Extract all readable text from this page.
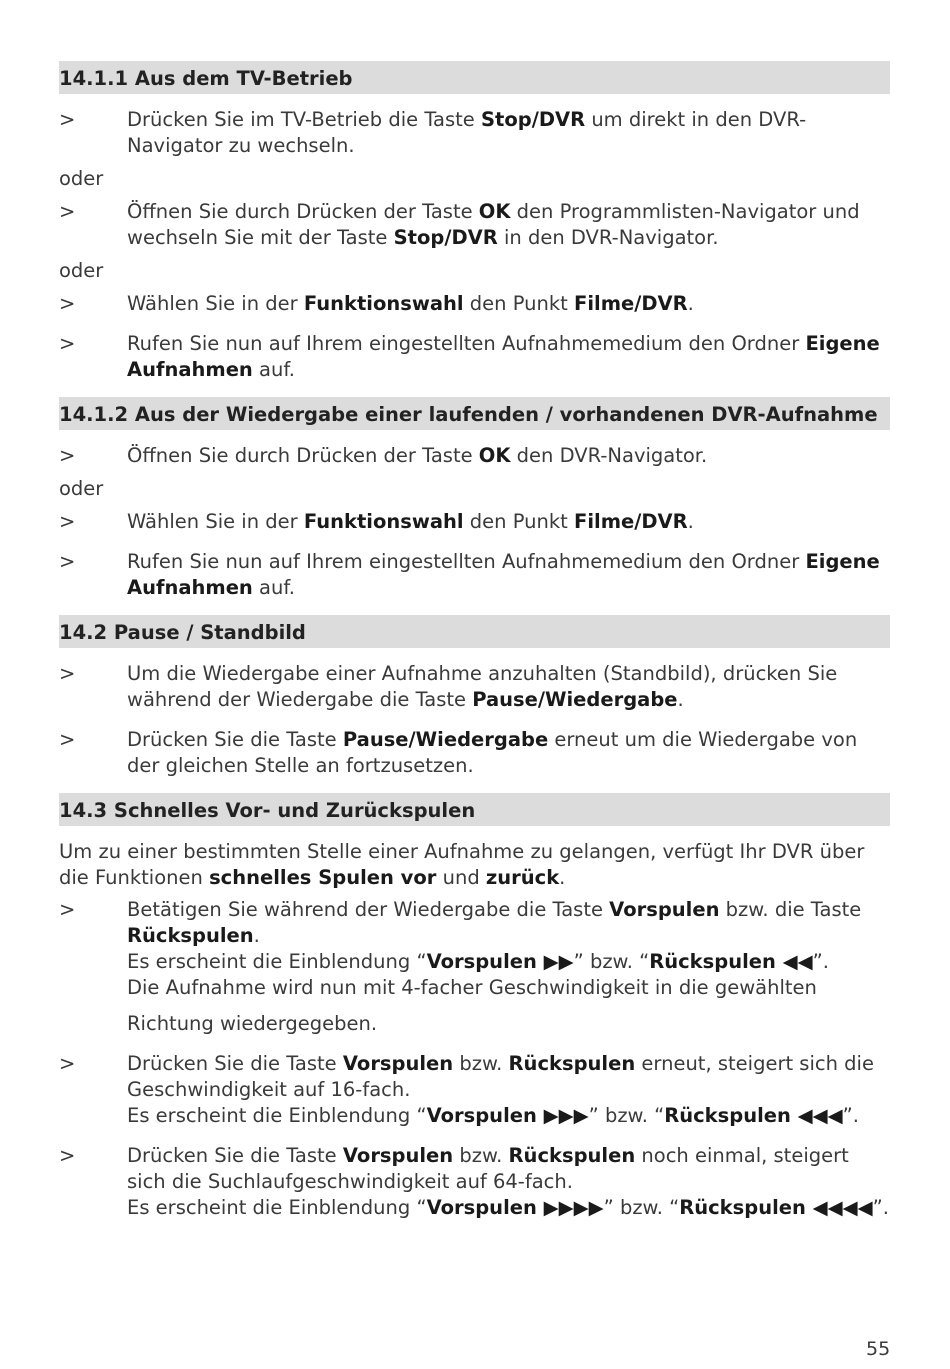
14.1.1 Aus dem TV-Betrieb
>	Drücken Sie im TV-Betrieb die Taste Stop/DVR um direkt in den DVR-Navigator zu wechseln.
oder
>	Öffnen Sie durch Drücken der Taste OK den Programmlisten-Navigator und wechseln Sie mit der Taste Stop/DVR in den DVR-Navigator.
oder
>	Wählen Sie in der Funktionswahl den Punkt Filme/DVR.
>	Rufen Sie nun auf Ihrem eingestellten Aufnahmemedium den Ordner Eigene Aufnahmen auf.
14.1.2 Aus der Wiedergabe einer laufenden / vorhandenen DVR-Aufnahme
>	Öffnen Sie durch Drücken der Taste OK den DVR-Navigator.
oder
>	Wählen Sie in der Funktionswahl den Punkt Filme/DVR.
>	Rufen Sie nun auf Ihrem eingestellten Aufnahmemedium den Ordner Eigene Aufnahmen auf.
14.2 Pause / Standbild
>	Um die Wiedergabe einer Aufnahme anzuhalten (Standbild), drücken Sie während der Wiedergabe die Taste Pause/Wiedergabe.
>	Drücken Sie die Taste Pause/Wiedergabe erneut um die Wiedergabe von der gleichen Stelle an fortzusetzen.
14.3 Schnelles Vor- und Zurückspulen
Um zu einer bestimmten Stelle einer Aufnahme zu gelangen, verfügt Ihr DVR über die Funktionen schnelles Spulen vor und zurück.
>	Betätigen Sie während der Wiedergabe die Taste Vorspulen bzw. die Taste Rückspulen.
Es erscheint die Einblendung “Vorspulen ▶▶” bzw. “Rückspulen ◀◀”.
Die Aufnahme wird nun mit 4-facher Geschwindigkeit in die gewählten
Richtung wiedergegeben.
>	Drücken Sie die Taste Vorspulen bzw. Rückspulen erneut, steigert sich die Geschwindigkeit auf 16-fach.
Es erscheint die Einblendung “Vorspulen ▶▶▶” bzw. “Rückspulen ◀◀◀”.
>	Drücken Sie die Taste Vorspulen bzw. Rückspulen noch einmal, steigert sich die Suchlaufgeschwindigkeit auf 64-fach.
Es erscheint die Einblendung “Vorspulen ▶▶▶▶” bzw. “Rückspulen ◀◀◀◀”.
55
